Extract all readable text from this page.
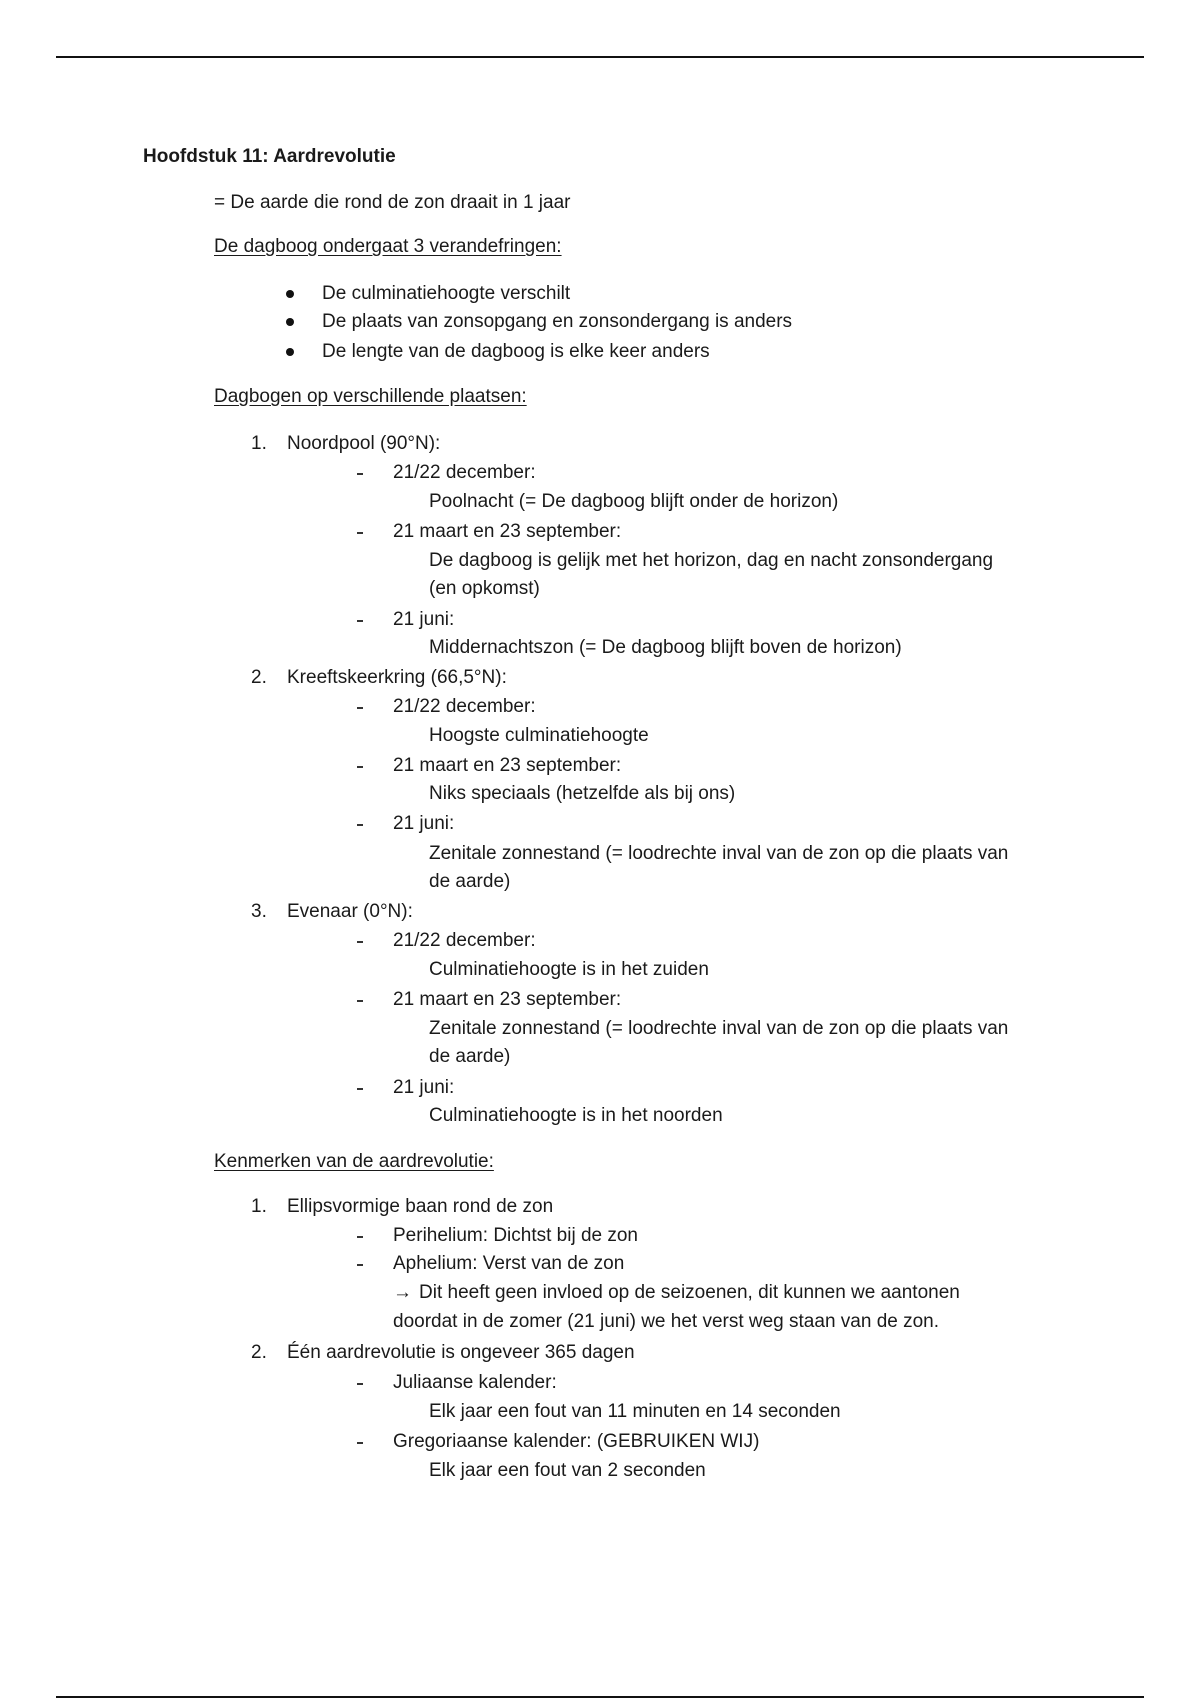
Hoofdstuk 11: Aardrevolutie
= De aarde die rond de zon draait in 1 jaar
De dagboog ondergaat 3 verandefringen:
De culminatiehoogte verschilt
De plaats van zonsopgang en zonsondergang is anders
De lengte van de dagboog is elke keer anders
Dagbogen op verschillende plaatsen:
1. Noordpool (90°N):
21/22 december:
Poolnacht (= De dagboog blijft onder de horizon)
21 maart en 23 september:
De dagboog is gelijk met het horizon, dag en nacht zonsondergang
(en opkomst)
21 juni:
Middernachtszon (= De dagboog blijft boven de horizon)
2. Kreeftskeerkring (66,5°N):
21/22 december:
Hoogste culminatiehoogte
21 maart en 23 september:
Niks speciaals (hetzelfde als bij ons)
21 juni:
Zenitale zonnestand (= loodrechte inval van de zon op die plaats van
de aarde)
3. Evenaar (0°N):
21/22 december:
Culminatiehoogte is in het zuiden
21 maart en 23 september:
Zenitale zonnestand (= loodrechte inval van de zon op die plaats van
de aarde)
21 juni:
Culminatiehoogte is in het noorden
Kenmerken van de aardrevolutie:
1. Ellipsvormige baan rond de zon
Perihelium: Dichtst bij de zon
Aphelium: Verst van de zon
→ Dit heeft geen invloed op de seizoenen, dit kunnen we aantonen
doordat in de zomer (21 juni) we het verst weg staan van de zon.
2. Één aardrevolutie is ongeveer 365 dagen
Juliaanse kalender:
Elk jaar een fout van 11 minuten en 14 seconden
Gregoriaanse kalender: (GEBRUIKEN WIJ)
Elk jaar een fout van 2 seconden
